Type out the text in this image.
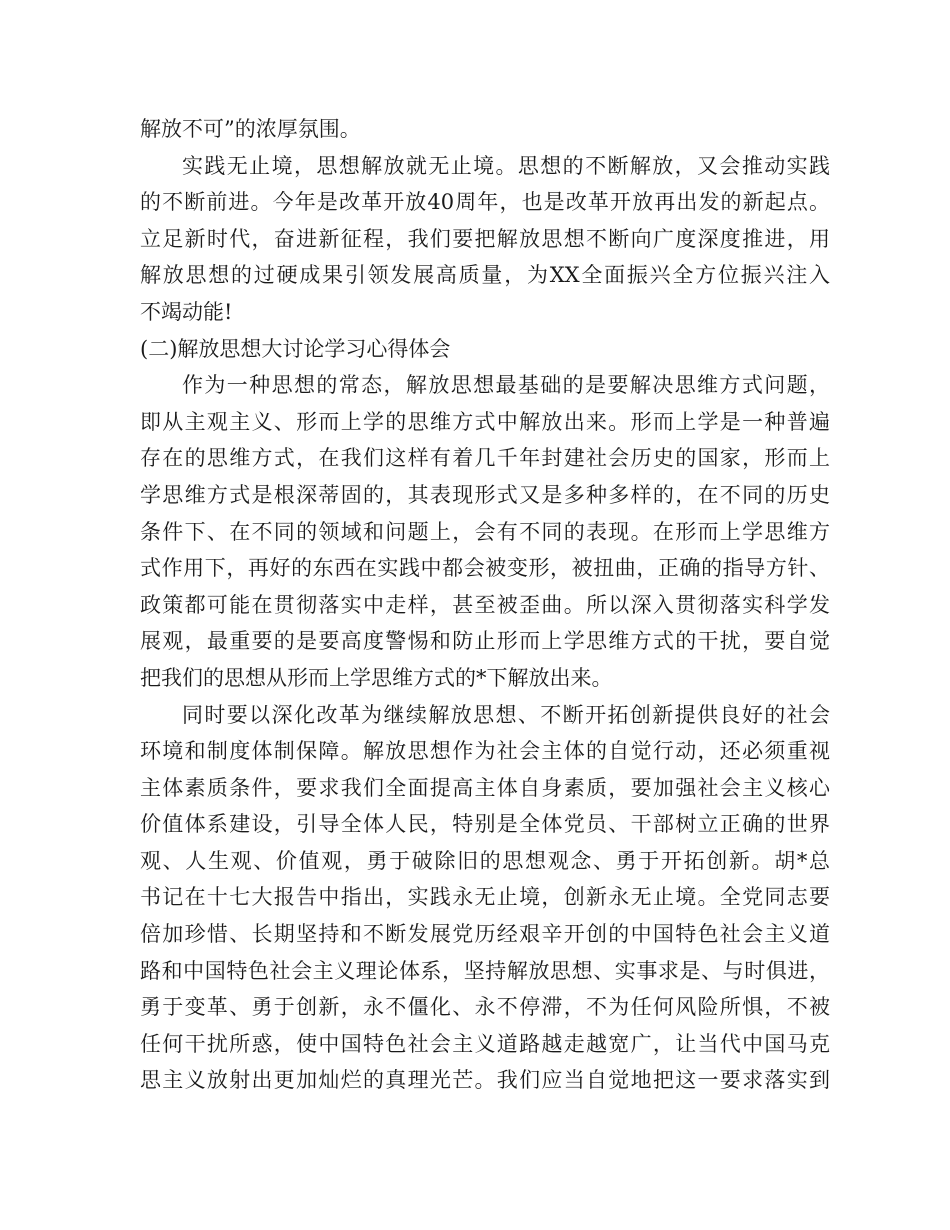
解放不可”的浓厚氛围。
实践无止境，思想解放就无止境。思想的不断解放，又会推动实践
的不断前进。今年是改革开放40周年，也是改革开放再出发的新起点。
立足新时代，奋进新征程，我们要把解放思想不断向广度深度推进，用
解放思想的过硬成果引领发展高质量，为XX全面振兴全方位振兴注入
不竭动能!
(二)解放思想大讨论学习心得体会
作为一种思想的常态，解放思想最基础的是要解决思维方式问题，
即从主观主义、形而上学的思维方式中解放出来。形而上学是一种普遍
存在的思维方式，在我们这样有着几千年封建社会历史的国家，形而上
学思维方式是根深蒂固的，其表现形式又是多种多样的，在不同的历史
条件下、在不同的领域和问题上，会有不同的表现。在形而上学思维方
式作用下，再好的东西在实践中都会被变形，被扭曲，正确的指导方针、
政策都可能在贯彻落实中走样，甚至被歪曲。所以深入贯彻落实科学发
展观，最重要的是要高度警惕和防止形而上学思维方式的干扰，要自觉
把我们的思想从形而上学思维方式的*下解放出来。
同时要以深化改革为继续解放思想、不断开拓创新提供良好的社会
环境和制度体制保障。解放思想作为社会主体的自觉行动，还必须重视
主体素质条件，要求我们全面提高主体自身素质，要加强社会主义核心
价值体系建设，引导全体人民，特别是全体党员、干部树立正确的世界
观、人生观、价值观，勇于破除旧的思想观念、勇于开拓创新。胡*总
书记在十七大报告中指出，实践永无止境，创新永无止境。全党同志要
倍加珍惜、长期坚持和不断发展党历经艰辛开创的中国特色社会主义道
路和中国特色社会主义理论体系，坚持解放思想、实事求是、与时俱进，
勇于变革、勇于创新，永不僵化、永不停滞，不为任何风险所惧，不被
任何干扰所惑，使中国特色社会主义道路越走越宽广，让当代中国马克
思主义放射出更加灿烂的真理光芒。我们应当自觉地把这一要求落实到
